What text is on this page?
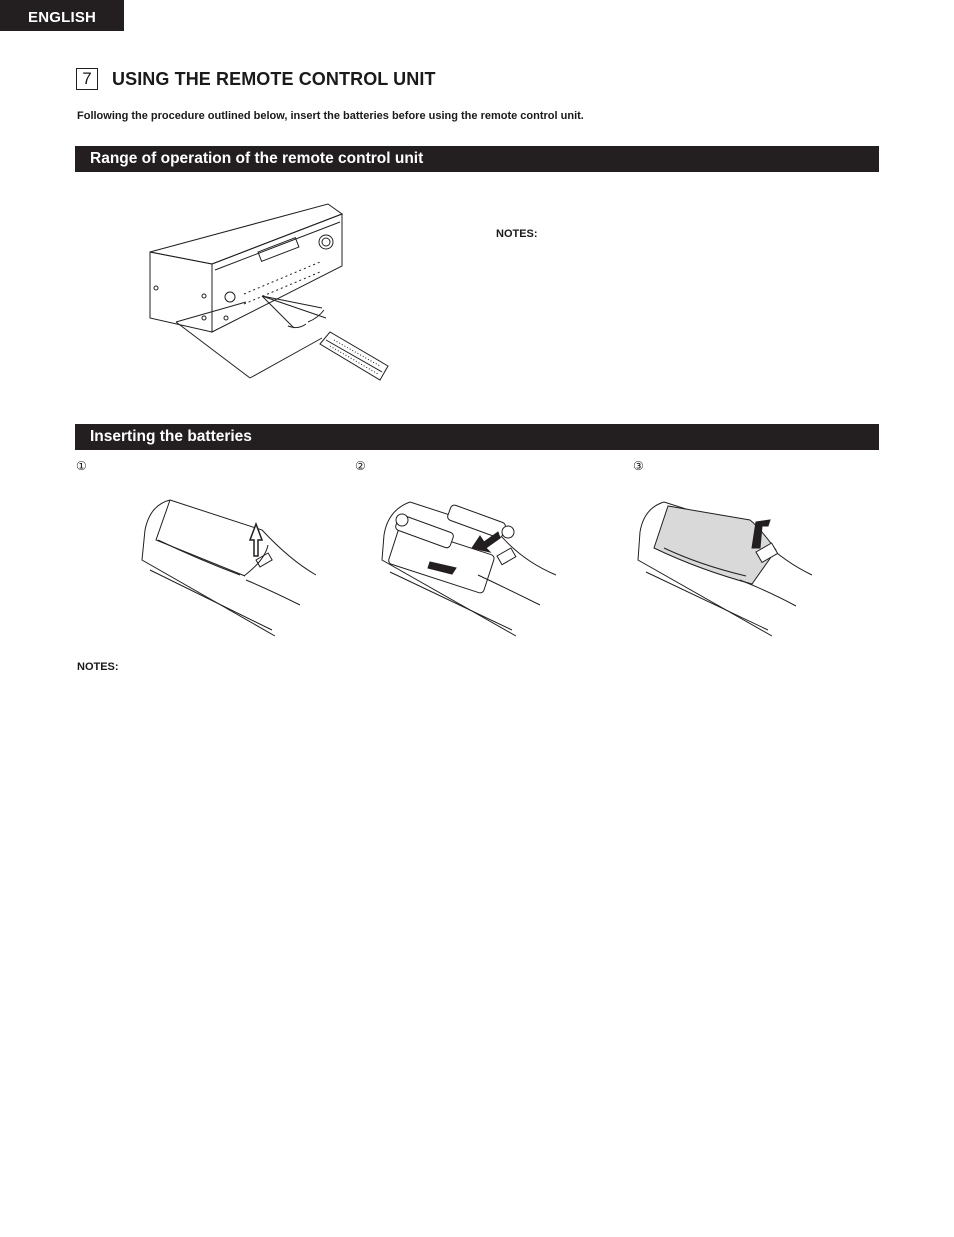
ENGLISH
7	USING THE REMOTE CONTROL UNIT
Following the procedure outlined below, insert the batteries before using the remote control unit.
Range of operation of the remote control unit
NOTES:
Inserting the batteries
①	②	③
NOTES:
